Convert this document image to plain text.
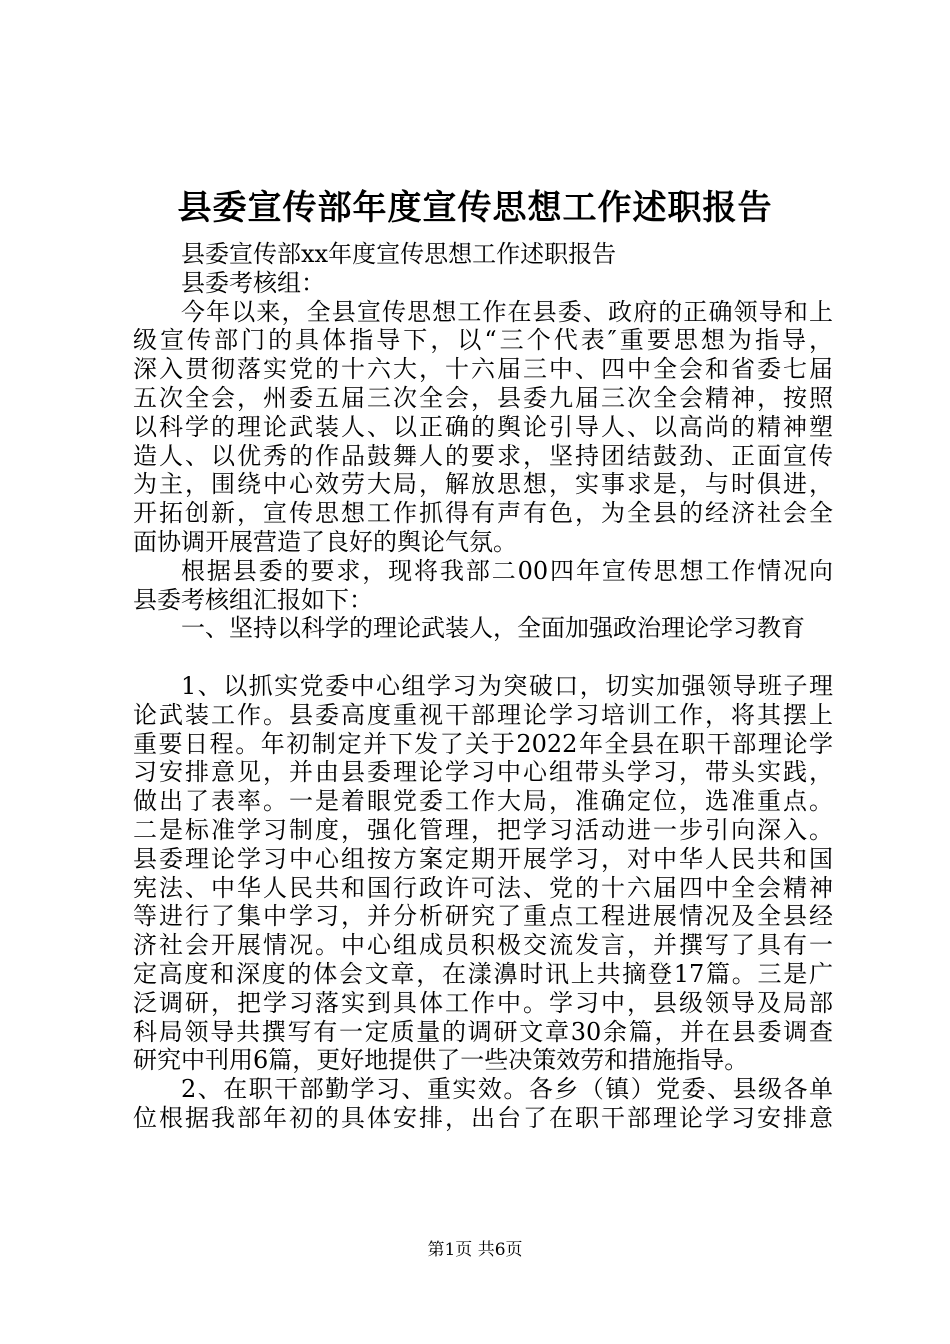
县委宣传部年度宣传思想工作述职报告
县委宣传部xx年度宣传思想工作述职报告
县委考核组：
今年以来，全县宣传思想工作在县委、政府的正确领导和上
级宣传部门的具体指导下，以“三个代表″重要思想为指导，
深入贯彻落实党的十六大，十六届三中、四中全会和省委七届
五次全会，州委五届三次全会，县委九届三次全会精神，按照
以科学的理论武装人、以正确的舆论引导人、以高尚的精神塑
造人、以优秀的作品鼓舞人的要求，坚持团结鼓劲、正面宣传
为主，围绕中心效劳大局，解放思想，实事求是，与时俱进，
开拓创新，宣传思想工作抓得有声有色，为全县的经济社会全
面协调开展营造了良好的舆论气氛。
根据县委的要求，现将我部二00四年宣传思想工作情况向
县委考核组汇报如下：
一、坚持以科学的理论武装人，全面加强政治理论学习教育
1、以抓实党委中心组学习为突破口，切实加强领导班子理
论武装工作。县委高度重视干部理论学习培训工作，将其摆上
重要日程。年初制定并下发了关于2022年全县在职干部理论学
习安排意见，并由县委理论学习中心组带头学习，带头实践，
做出了表率。一是着眼党委工作大局，准确定位，选准重点。
二是标准学习制度，强化管理，把学习活动进一步引向深入。
县委理论学习中心组按方案定期开展学习，对中华人民共和国
宪法、中华人民共和国行政许可法、党的十六届四中全会精神
等进行了集中学习，并分析研究了重点工程进展情况及全县经
济社会开展情况。中心组成员积极交流发言，并撰写了具有一
定高度和深度的体会文章，在漾濞时讯上共摘登17篇。三是广
泛调研，把学习落实到具体工作中。学习中，县级领导及局部
科局领导共撰写有一定质量的调研文章30余篇，并在县委调查
研究中刊用6篇，更好地提供了一些决策效劳和措施指导。
2、在职干部勤学习、重实效。各乡（镇）党委、县级各单
位根据我部年初的具体安排，出台了在职干部理论学习安排意
第1页 共6页
